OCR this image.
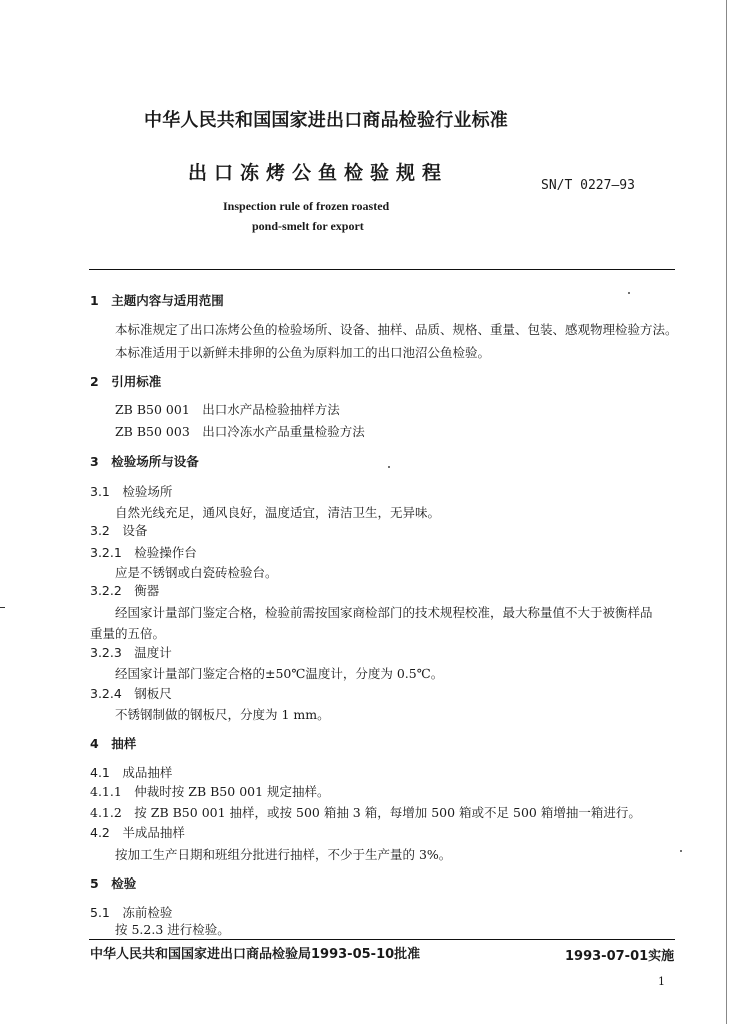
中华人民共和国国家进出口商品检验行业标准
出口冻烤公鱼检验规程
SN/T 0227—93
Inspection rule of frozen roasted
pond-smelt for export
1　主题内容与适用范围
本标准规定了出口冻烤公鱼的检验场所、设备、抽样、品质、规格、重量、包装、感观物理检验方法。
本标准适用于以新鲜未排卵的公鱼为原料加工的出口池沼公鱼检验。
2　引用标准
ZB B50 001　出口水产品检验抽样方法
ZB B50 003　出口冷冻水产品重量检验方法
3　检验场所与设备
3.1　检验场所
自然光线充足，通风良好，温度适宜，清洁卫生，无异味。
3.2　设备
3.2.1　检验操作台
应是不锈钢或白瓷砖检验台。
3.2.2　衡器
经国家计量部门鉴定合格，检验前需按国家商检部门的技术规程校准，最大称量值不大于被衡样品
重量的五倍。
3.2.3　温度计
经国家计量部门鉴定合格的±50℃温度计，分度为 0.5℃。
3.2.4　钢板尺
不锈钢制做的钢板尺，分度为 1 mm。
4　抽样
4.1　成品抽样
4.1.1　仲裁时按 ZB B50 001 规定抽样。
4.1.2　按 ZB B50 001 抽样，或按 500 箱抽 3 箱，每增加 500 箱或不足 500 箱增抽一箱进行。
4.2　半成品抽样
按加工生产日期和班组分批进行抽样，不少于生产量的 3%。
5　检验
5.1　冻前检验
按 5.2.3 进行检验。
中华人民共和国国家进出口商品检验局1993-05-10批准	1993-07-01实施
1
